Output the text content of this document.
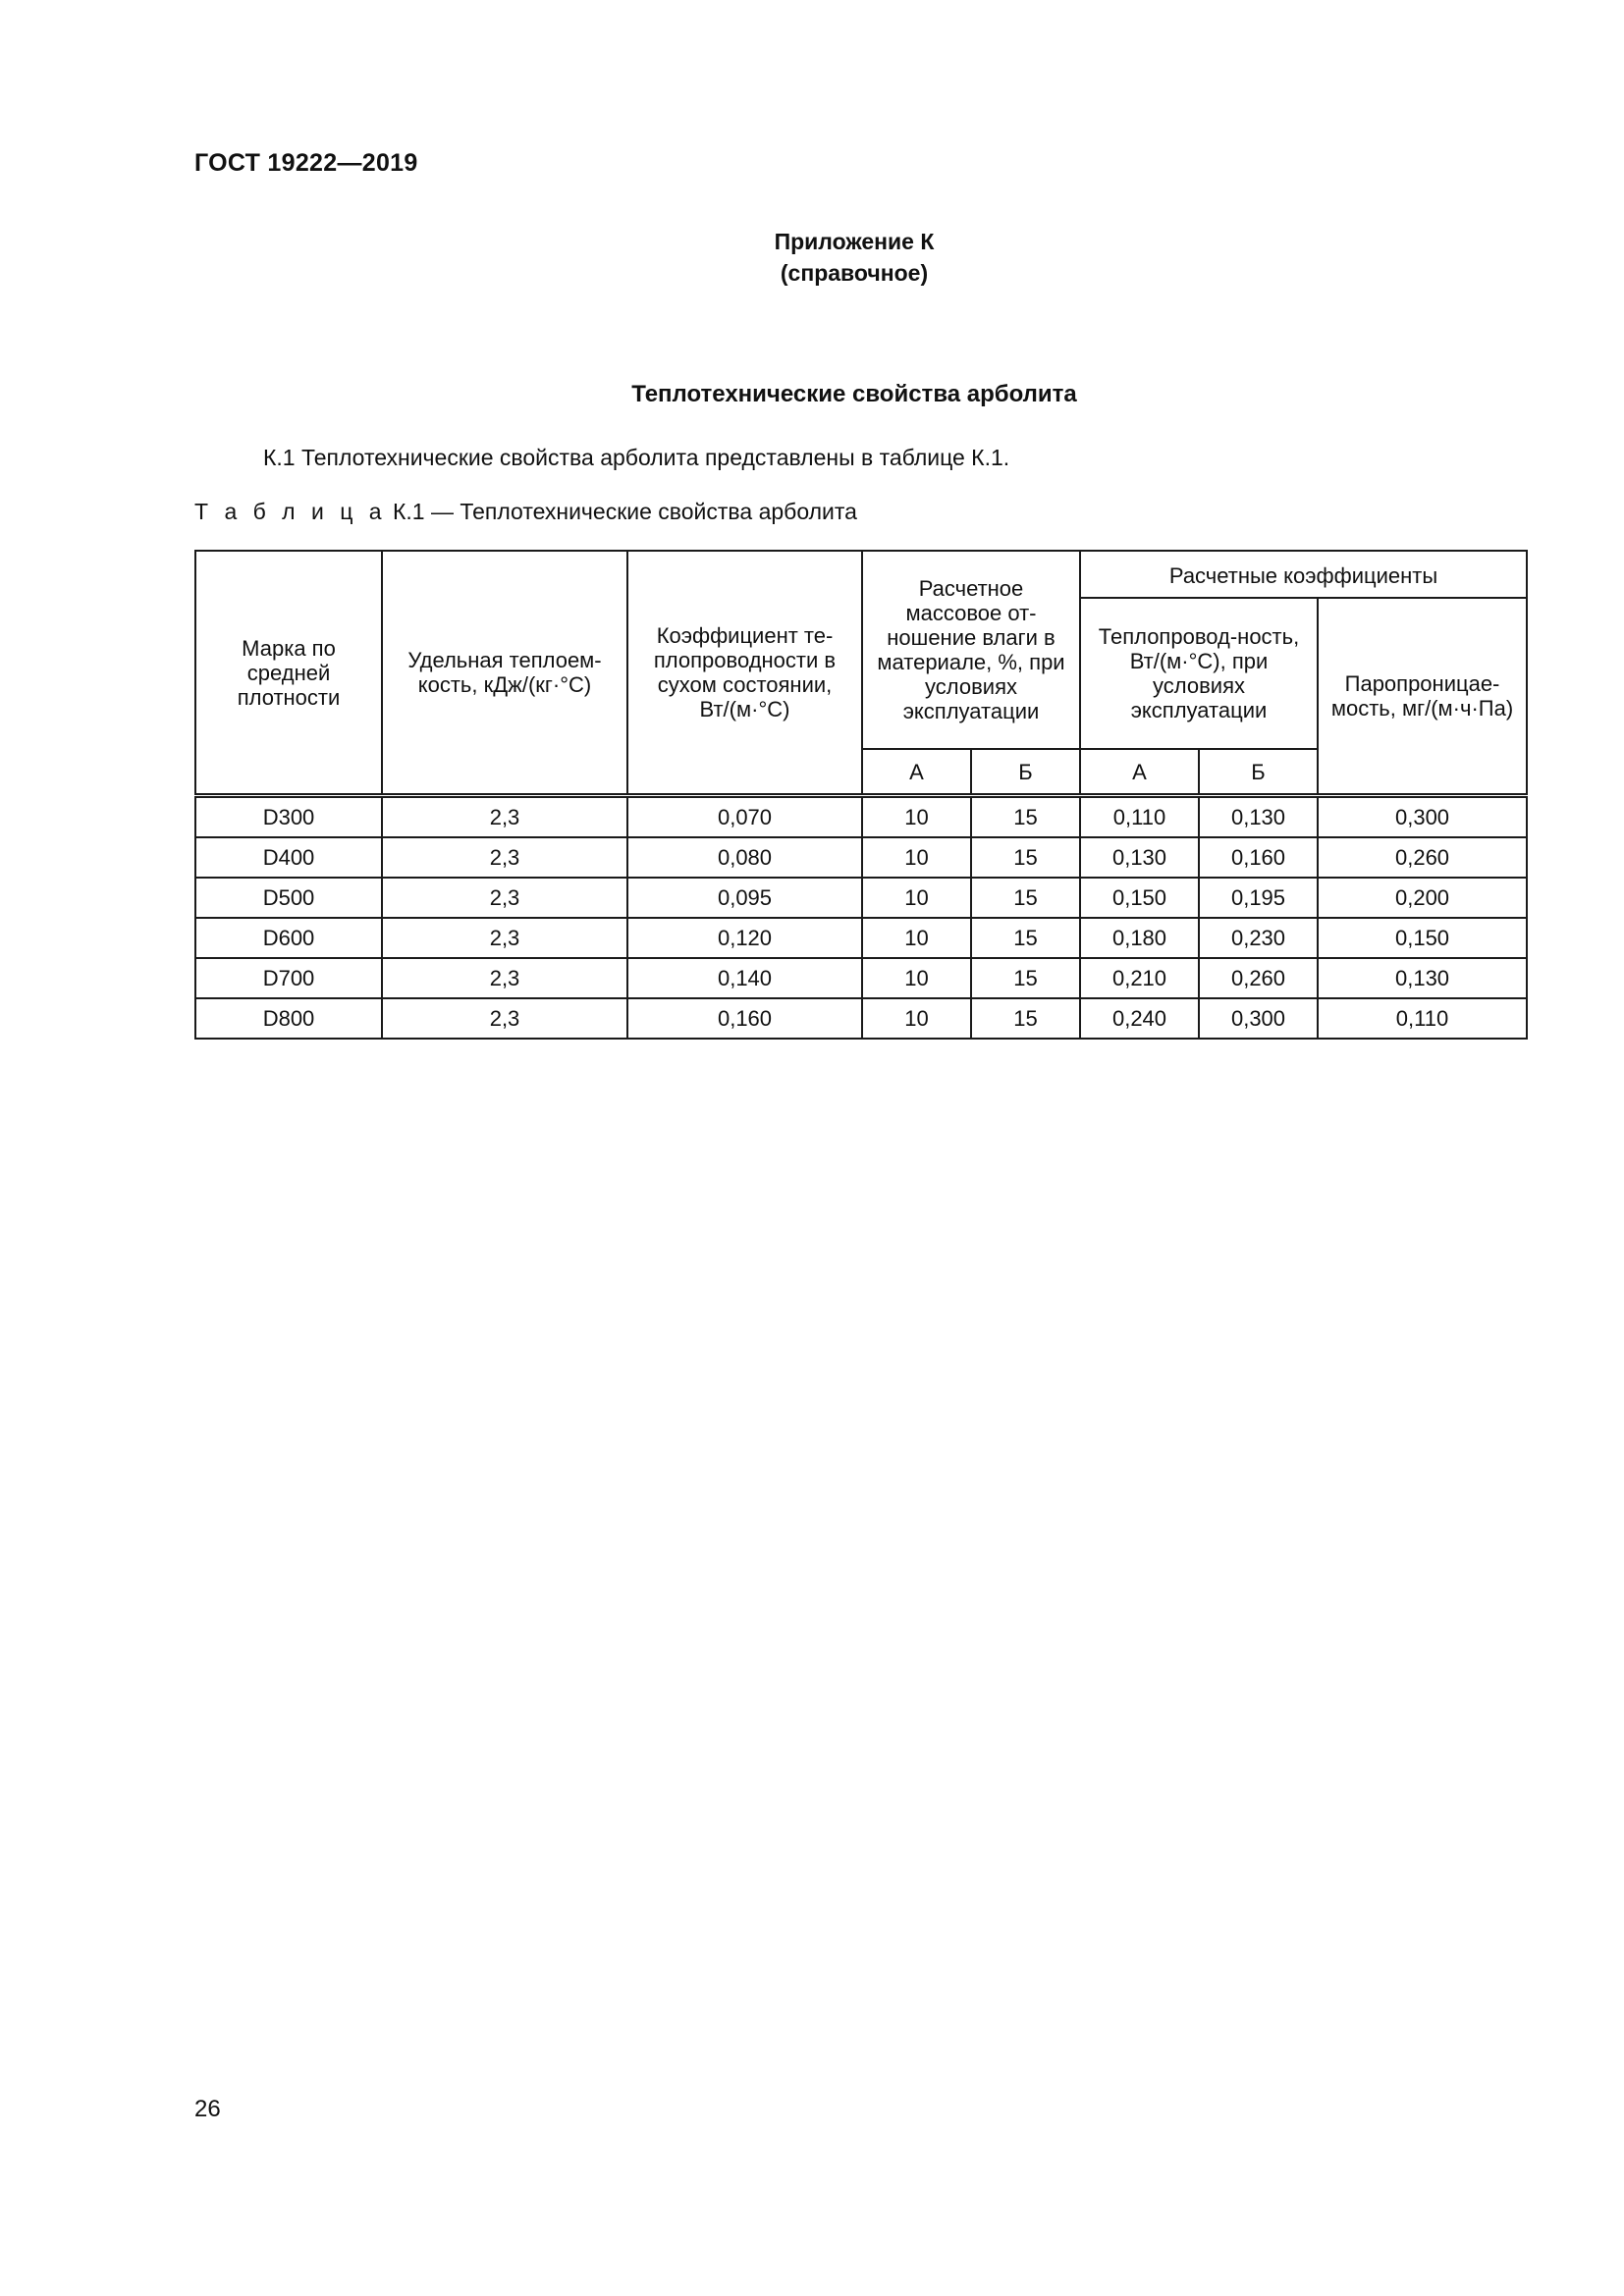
ГОСТ 19222—2019
Приложение К
(справочное)
Теплотехнические свойства арболита
К.1 Теплотехнические свойства арболита представлены в таблице К.1.
Т а б л и ц а К.1 — Теплотехнические свойства арболита
Марка по средней плотности	Удельная теплоем-кость, кДж/(кг·°С)	Коэффициент те-плопроводности в сухом состоянии, Вт/(м·°С)	Расчетное массовое от-ношение влаги в материале, %, при условиях эксплуатации		Расчетные коэффициенты		
					Теплопровод-ность, Вт/(м·°С), при условиях эксплуатации		Паропроницае-мость, мг/(м·ч·Па)
			А	Б	А	Б	
D300	2,3	0,070	10	15	0,110	0,130	0,300
D400	2,3	0,080	10	15	0,130	0,160	0,260
D500	2,3	0,095	10	15	0,150	0,195	0,200
D600	2,3	0,120	10	15	0,180	0,230	0,150
D700	2,3	0,140	10	15	0,210	0,260	0,130
D800	2,3	0,160	10	15	0,240	0,300	0,110
26
